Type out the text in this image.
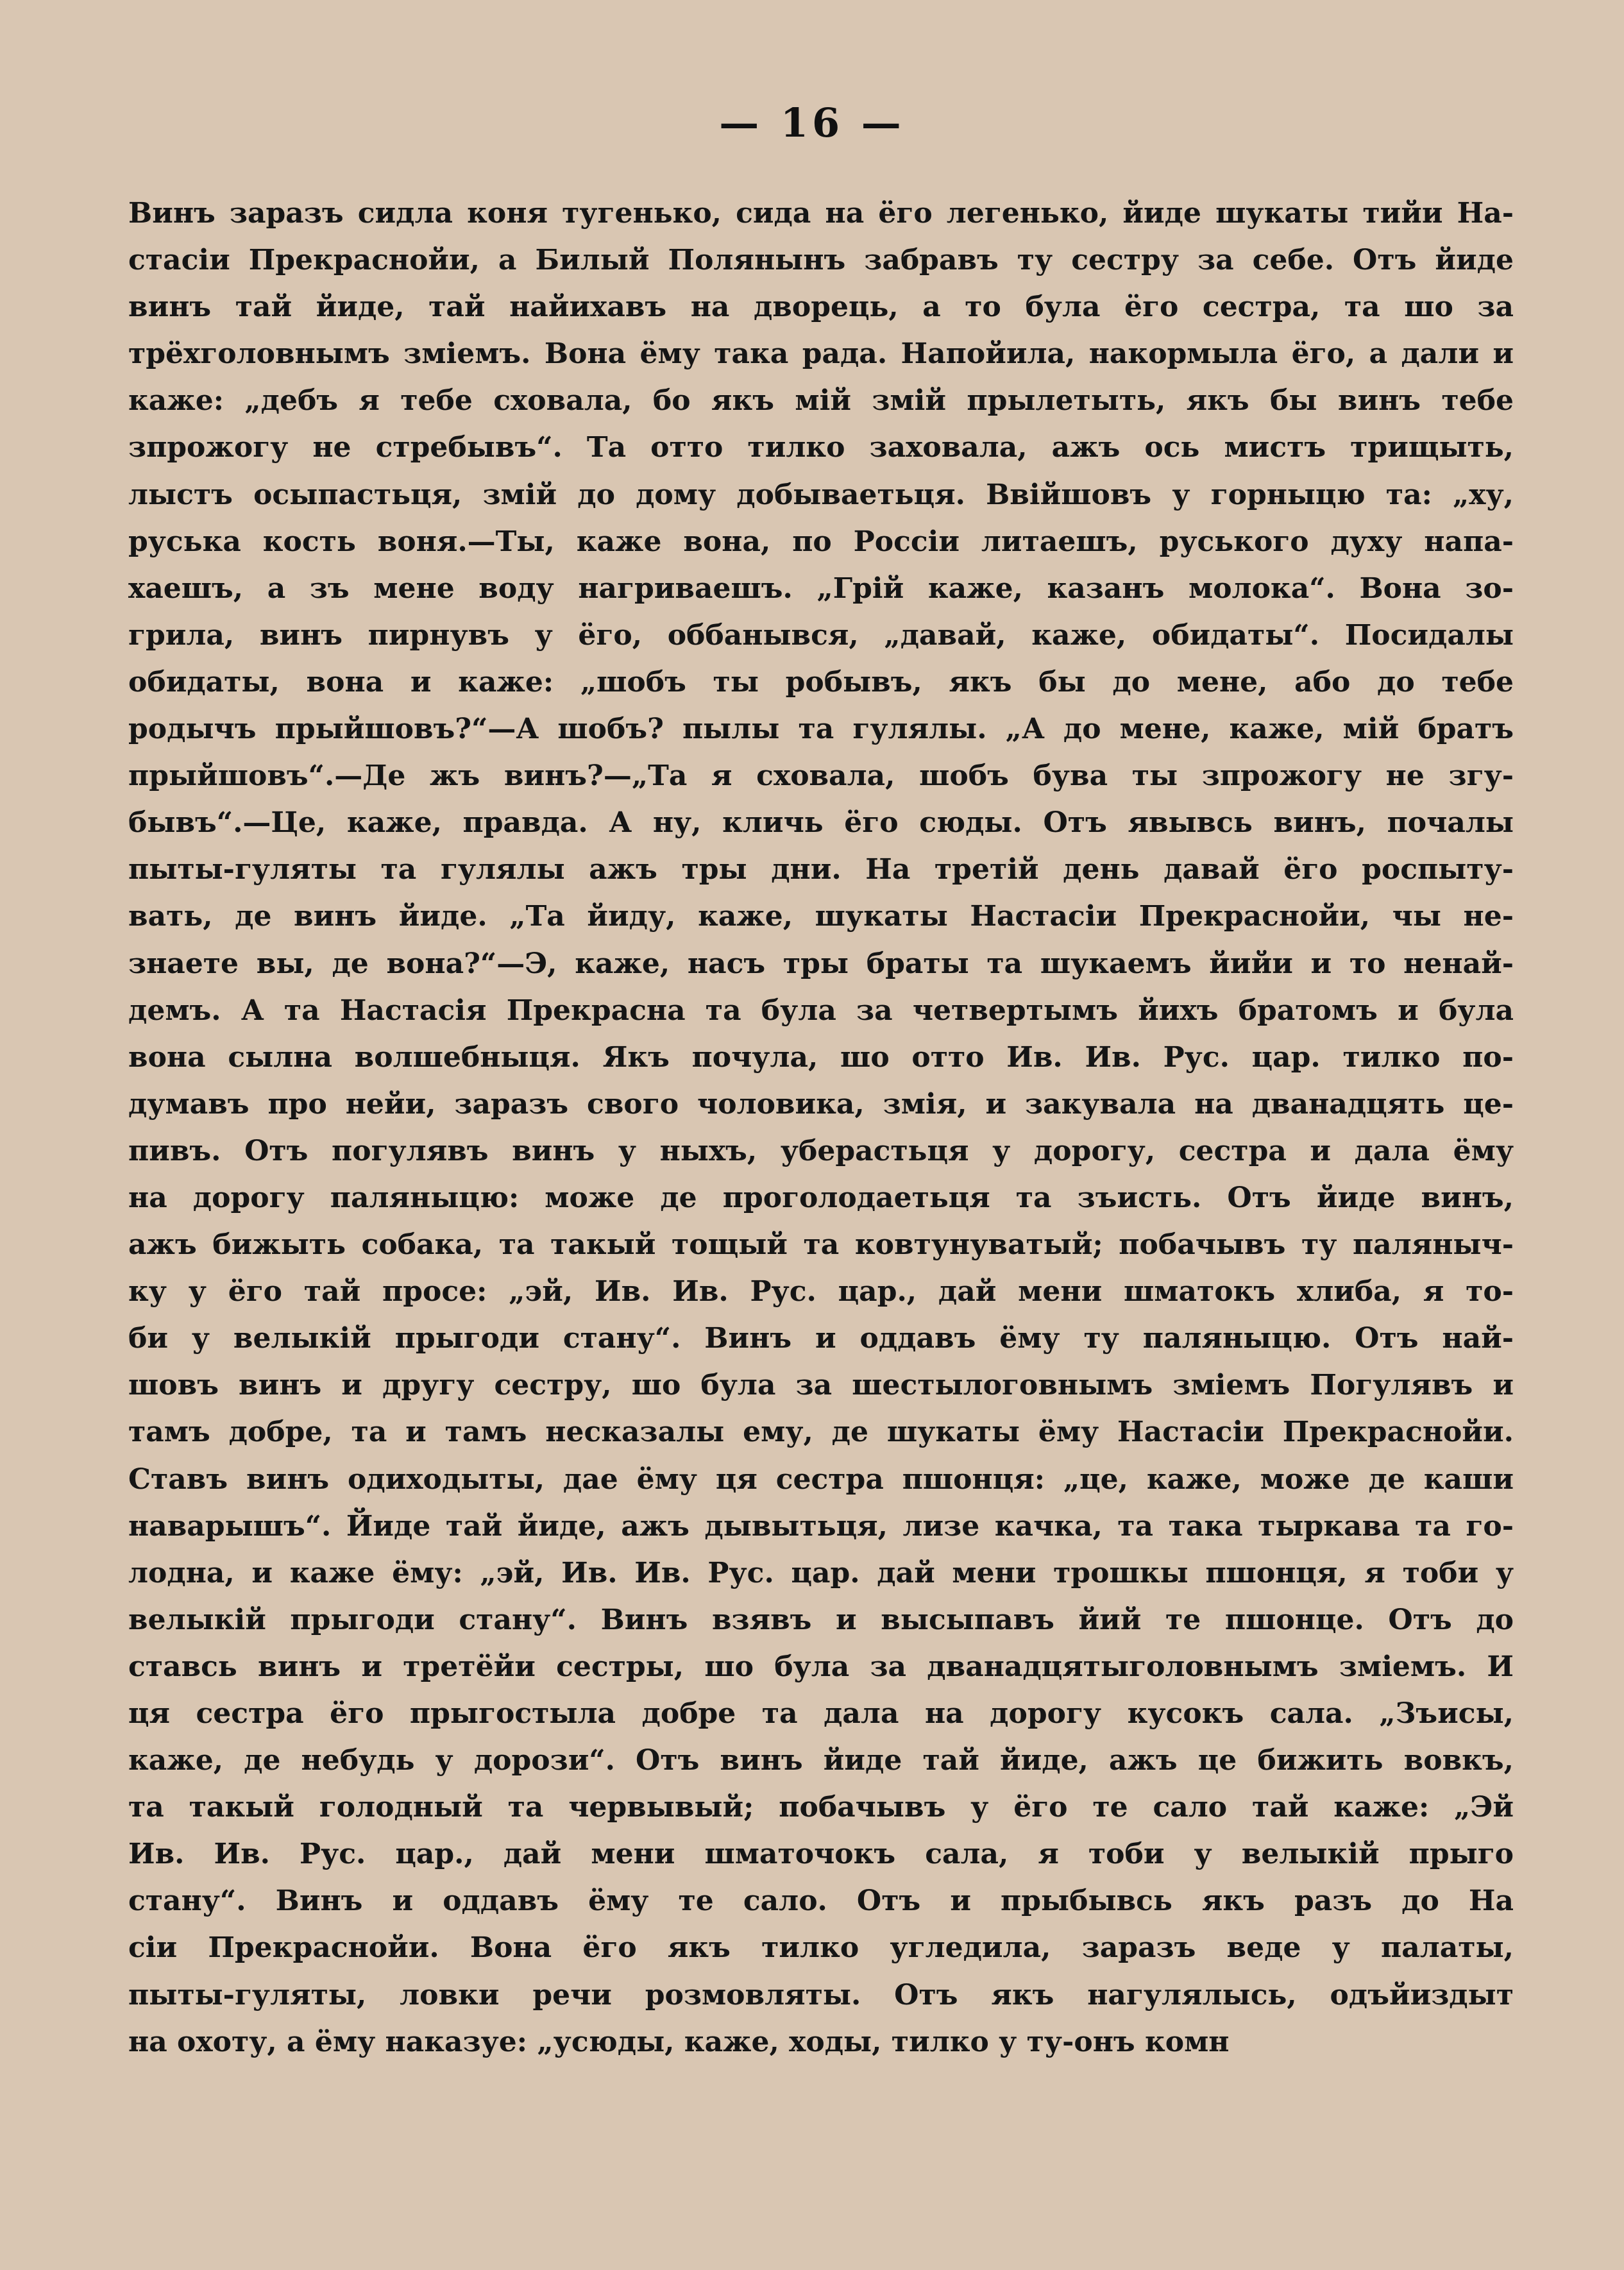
— 16 —
Винъ заразъ сидла коня тугенько, сида на ёго легенько, йиде шукаты тийи На-
стасіи Прекраснойи, а Билый Полянынъ забравъ ту сестру за себе. Отъ йиде
винъ тай йиде, тай найихавъ на дворець, а то була ёго сестра, та шо за
трёхголовнымъ зміемъ. Вона ёму така рада. Напойила, накормыла ёго, а дали и
каже: „дебъ я тебе сховала, бо якъ мій змій прылетыть, якъ бы винъ тебе
зпрожогу не стребывъ“. Та отто тилко заховала, ажъ ось мистъ трищыть,
лыстъ осыпастьця, змій до дому добываетьця. Ввійшовъ у горныцю та: „ху,
руська кость воня.—Ты, каже вона, по Россіи литаешъ, руського духу напа-
хаешъ, а зъ мене воду нагриваешъ. „Грій каже, казанъ молока“. Вона зо-
грила, винъ пирнувъ у ёго, оббанывся, „давай, каже, обидаты“. Посидалы
обидаты, вона и каже: „шобъ ты робывъ, якъ бы до мене, або до тебе
родычъ прыйшовъ?“—А шобъ? пылы та гулялы. „А до мене, каже, мій братъ
прыйшовъ“.—Де жъ винъ?—„Та я сховала, шобъ бува ты зпрожогу не згу-
бывъ“.—Це, каже, правда. А ну, кличь ёго сюды. Отъ явывсь винъ, почалы
пыты-гуляты та гулялы ажъ тры дни. На третій день давай ёго роспыту-
вать, де винъ йиде. „Та йиду, каже, шукаты Настасіи Прекраснойи, чы не-
знаете вы, де вона?“—Э, каже, насъ тры браты та шукаемъ йийи и то ненай-
демъ. А та Настасія Прекрасна та була за четвертымъ йихъ братомъ и була
вона сылна волшебныця. Якъ почула, шо отто Ив. Ив. Рус. цар. тилко по-
думавъ про нейи, заразъ свого чоловика, змія, и закувала на дванадцять це-
пивъ. Отъ погулявъ винъ у ныхъ, уберастьця у дорогу, сестра и дала ёму
на дорогу паляныцю: може де проголодаетьця та зъисть. Отъ йиде винъ,
ажъ бижыть собака, та такый тощый та ковтунуватый; побачывъ ту паляныч-
ку у ёго тай просе: „эй, Ив. Ив. Рус. цар., дай мени шматокъ хлиба, я то-
би у велыкій прыгоди стану“. Винъ и оддавъ ёму ту паляныцю. Отъ най-
шовъ винъ и другу сестру, шо була за шестылоговнымъ зміемъ Погулявъ и
тамъ добре, та и тамъ несказалы ему, де шукаты ёму Настасіи Прекраснойи.
Ставъ винъ одиходыты, дае ёму ця сестра пшонця: „це, каже, може де каши
наварышъ“. Йиде тай йиде, ажъ дывытьця, лизе качка, та така тыркава та го-
лодна, и каже ёму: „эй, Ив. Ив. Рус. цар. дай мени трошкы пшонця, я тоби у
велыкій прыгоди стану“. Винъ взявъ и высыпавъ йий те пшонце. Отъ до
ставсь винъ и третёйи сестры, шо була за дванадцятыголовнымъ зміемъ. И
ця сестра ёго прыгостыла добре та дала на дорогу кусокъ сала. „Зъисы,
каже, де небудь у дорози“. Отъ винъ йиде тай йиде, ажъ це бижить вовкъ,
та такый голодный та червывый; побачывъ у ёго те сало тай каже: „Эй
Ив. Ив. Рус. цар., дай мени шматочокъ сала, я тоби у велыкій прыго
стану“. Винъ и оддавъ ёму те сало. Отъ и прыбывсь якъ разъ до На
сіи Прекраснойи. Вона ёго якъ тилко угледила, заразъ веде у палаты,
пыты-гуляты, ловки речи розмовляты. Отъ якъ нагулялысь, одъйиздыт
на охоту, а ёму наказуе: „усюды, каже, ходы, тилко у ту-онъ комн
